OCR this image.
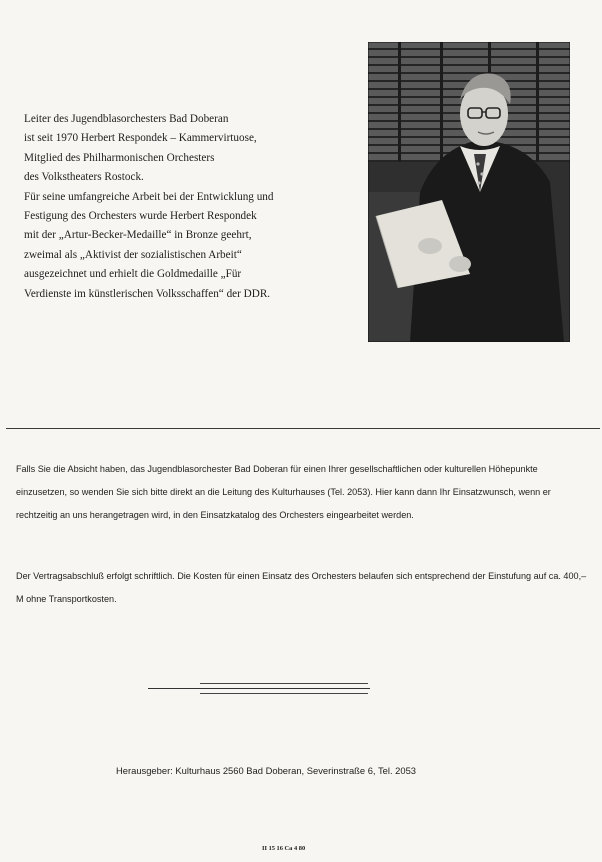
Leiter des Jugendblasorchesters Bad Doberan
ist seit 1970 Herbert Respondek – Kammervirtuose,
Mitglied des Philharmonischen Orchesters
des Volkstheaters Rostock.
Für seine umfangreiche Arbeit bei der Entwicklung und
Festigung des Orchesters wurde Herbert Respondek
mit der „Artur-Becker-Medaille“ in Bronze geehrt,
zweimal als „Aktivist der sozialistischen Arbeit“
ausgezeichnet und erhielt die Goldmedaille „Für
Verdienste im künstlerischen Volksschaffen“ der DDR.

Falls Sie die Absicht haben, das Jugendblasorchester Bad Doberan für einen Ihrer gesellschaftlichen oder kulturellen Höhepunkte einzusetzen, so wenden Sie sich bitte direkt an die Leitung des Kulturhauses (Tel. 2053). Hier kann dann Ihr Einsatzwunsch, wenn er rechtzeitig an uns herangetragen wird, in den Einsatzkatalog des Orchesters eingearbeitet werden.

Der Vertragsabschluß erfolgt schriftlich. Die Kosten für einen Einsatz des Orchesters belaufen sich entsprechend der Einstufung auf ca. 400,– M ohne Transportkosten.

Herausgeber: Kulturhaus 2560 Bad Doberan, Severinstraße 6, Tel. 2053

II 15 16 Ca 4 80
